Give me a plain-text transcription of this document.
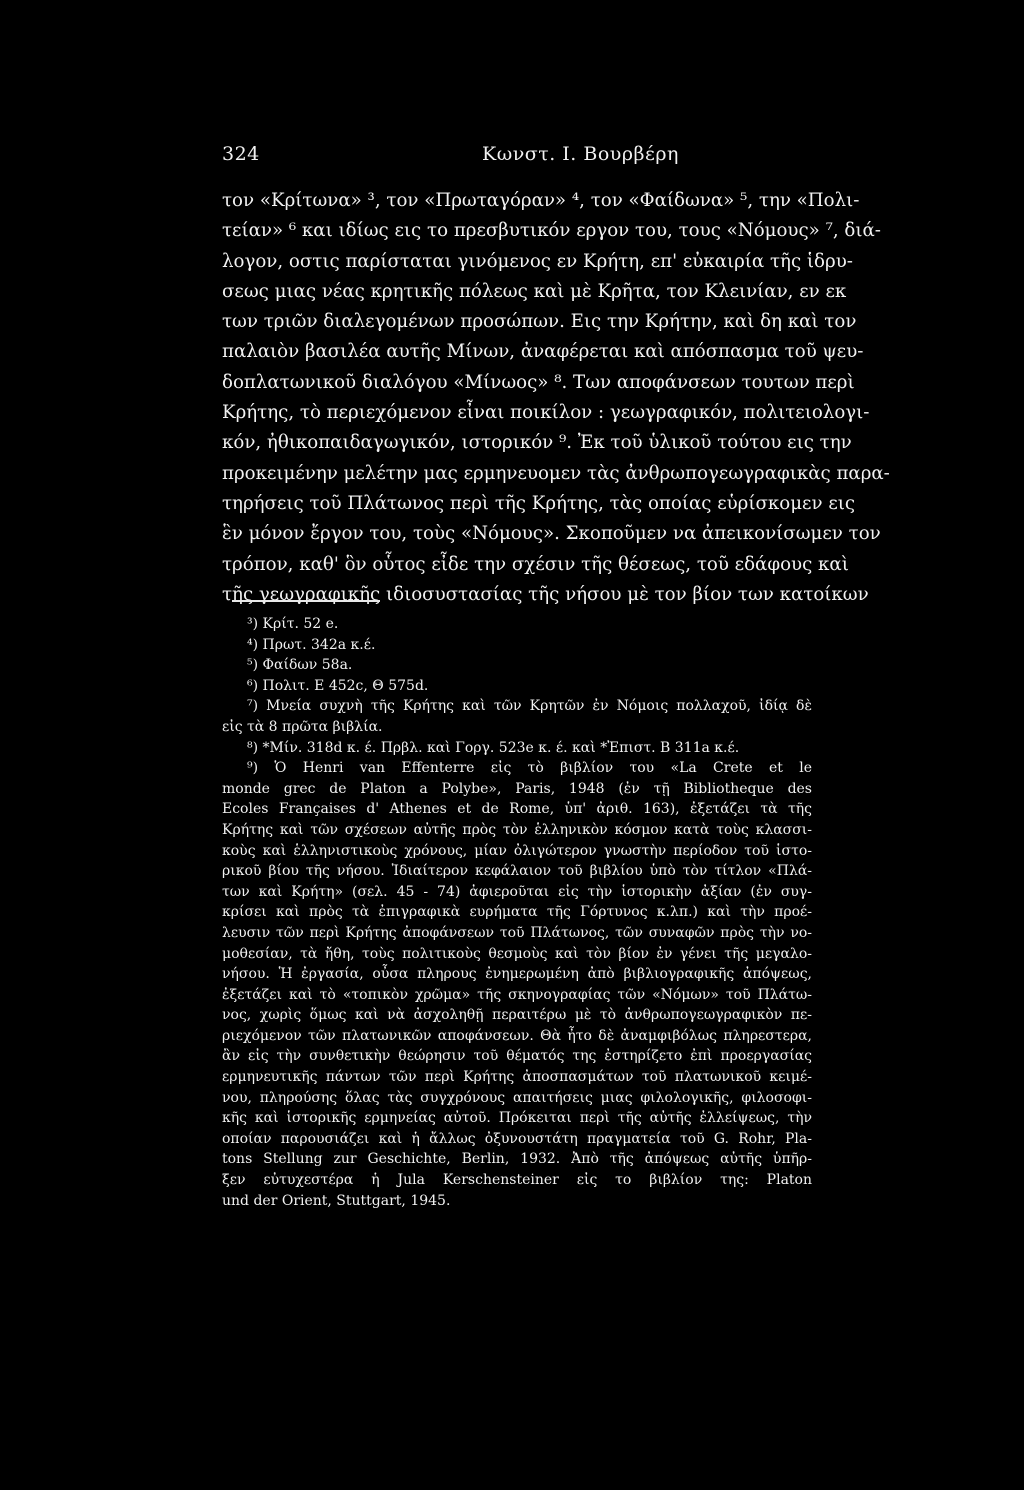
324	Κωνστ. Ι. Βουρβέρη
τον «Κρίτωνα» ³, τον «Πρωταγόραν» ⁴, τον «Φαίδωνα» ⁵, την «Πολι-
τείαν» ⁶ και ιδίως εις το πρεσβυτικόν εργον του, τους «Νόμους» ⁷, διά-
λογον, οστις παρίσταται γινόμενος εν Κρήτη, επ' εὐκαιρία τῆς ἱδρυ-
σεως μιας νέας κρητικῆς πόλεως καὶ μὲ Κρῆτα, τον Κλεινίαν, εν εκ
των τριῶν διαλεγομένων προσώπων. Εις την Κρήτην, καὶ δη καὶ τον
παλαιὸν βασιλέα αυτῆς Μίνων, ἀναφέρεται καὶ απόσπασμα τοῦ ψευ-
δοπλατωνικοῦ διαλόγου «Μίνωος» ⁸. Των αποφάνσεων τουτων περὶ
Κρήτης, τὸ περιεχόμενον εἶναι ποικίλον : γεωγραφικόν, πολιτειολογι-
κόν, ἠθικοπαιδαγωγικόν, ιστορικόν ⁹. Ἐκ τοῦ ὑλικοῦ τούτου εις την
προκειμένην μελέτην μας ερμηνευομεν τὰς ἀνθρωπογεωγραφικὰς παρα-
τηρήσεις τοῦ Πλάτωνος περὶ τῆς Κρήτης, τὰς οποίας εὑρίσκομεν εις
ἓν μόνον ἔργον του, τοὺς «Νόμους». Σκοποῦμεν να ἀπεικονίσωμεν τον
τρόπον, καθ' ὃν οὗτος εἶδε την σχέσιν τῆς θέσεως, τοῦ εδάφους καὶ
τῆς γεωγραφικῆς ιδιοσυστασίας τῆς νήσου μὲ τον βίον των κατοίκων
³) Κρίτ. 52 e.
⁴) Πρωτ. 342a κ.έ.
⁵) Φαίδων 58a.
⁶) Πολιτ. Ε 452c, Θ 575d.
⁷) Μνεία συχνὴ τῆς Κρήτης καὶ τῶν Κρητῶν ἐν Νόμοις πολλαχοῦ, ἰδίᾳ δὲ
εἰς τὰ 8 πρῶτα βιβλία.
⁸) *Μίν. 318d κ. έ. Πρβλ. καὶ Γοργ. 523e κ. έ. καὶ *Ἐπιστ. Β 311a κ.έ.
⁹) Ὁ Henri van Effenterre εἰς τὸ βιβλίον του «La Crete et le
monde grec de Platon a Polybe», Paris, 1948 (ἐν τῇ Bibliotheque des
Ecoles Françaises d' Athenes et de Rome, ὑπ' ἀριθ. 163), ἐξετάζει τὰ τῆς
Κρήτης καὶ τῶν σχέσεων αὐτῆς πρὸς τὸν ἑλληνικὸν κόσμον κατὰ τοὺς κλασσι-
κοὺς καὶ ἑλληνιστικοὺς χρόνους, μίαν ὀλιγώτερον γνωστὴν περίοδον τοῦ ἱστο-
ρικοῦ βίου τῆς νήσου. Ἰδιαίτερον κεφάλαιον τοῦ βιβλίου ὑπὸ τὸν τίτλον «Πλά-
των καὶ Κρήτη» (σελ. 45 - 74) ἀφιεροῦται εἰς τὴν ἱστορικὴν ἀξίαν (ἐν συγ-
κρίσει καὶ πρὸς τὰ ἐπιγραφικὰ ευρήματα τῆς Γόρτυνος κ.λπ.) καὶ τὴν προέ-
λευσιν τῶν περὶ Κρήτης ἀποφάνσεων τοῦ Πλάτωνος, τῶν συναφῶν πρὸς τὴν νο-
μοθεσίαν, τὰ ἤθη, τοὺς πολιτικοὺς θεσμοὺς καὶ τὸν βίον ἐν γένει τῆς μεγαλο-
νήσου. Ἡ ἐργασία, οὖσα πληρους ἐνημερωμένη ἀπὸ βιβλιογραφικῆς ἀπόψεως,
ἐξετάζει καὶ τὸ «τοπικὸν χρῶμα» τῆς σκηνογραφίας τῶν «Νόμων» τοῦ Πλάτω-
νος, χωρὶς ὅμως καὶ νὰ ἀσχοληθῇ περαιτέρω μὲ τὸ ἀνθρωπογεωγραφικὸν πε-
ριεχόμενον τῶν πλατωνικῶν αποφάνσεων. Θὰ ἦτο δὲ ἀναμφιβόλως πληρεστερα,
ἂν εἰς τὴν συνθετικὴν θεώρησιν τοῦ θέματός της ἐστηρίζετο ἐπὶ προεργασίας
ερμηνευτικῆς πάντων τῶν περὶ Κρήτης ἀποσπασμάτων τοῦ πλατωνικοῦ κειμέ-
νου, πληρούσης ὅλας τὰς συγχρόνους απαιτήσεις μιας φιλολογικῆς, φιλοσοφι-
κῆς καὶ ἱστορικῆς ερμηνείας αὐτοῦ. Πρόκειται περὶ τῆς αὐτῆς ἐλλείψεως, τὴν
οποίαν παρουσιάζει καὶ ἡ ἄλλως ὀξυνουστάτη πραγματεία τοῦ G. Rohr, Pla-
tons Stellung zur Geschichte, Berlin, 1932. Ἀπὸ τῆς ἀπόψεως αὐτῆς ὑπῆρ-
ξεν εὐτυχεστέρα ἡ Jula Kerschensteiner εἰς το βιβλίον της: Platon
und der Orient, Stuttgart, 1945.
